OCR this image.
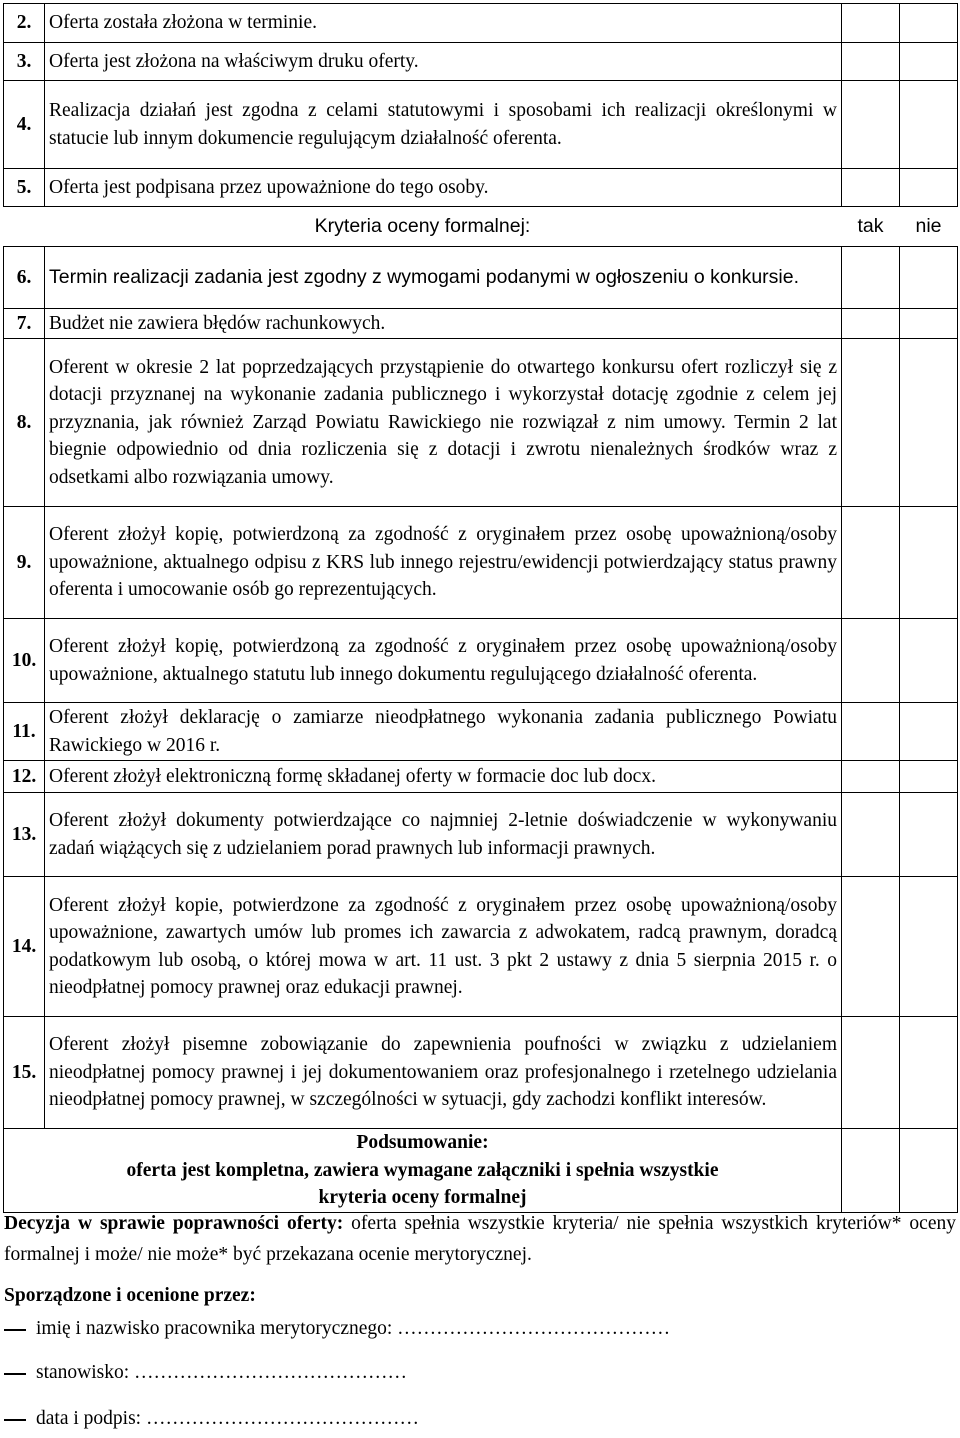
2.	Oferta została złożona w terminie.		
3.	Oferta jest złożona na właściwym druku oferty.		
4.	Realizacja działań jest zgodna z celami statutowymi i sposobami ich realizacji określonymi w statucie lub innym dokumencie regulującym działalność oferenta.		
5.	Oferta jest podpisana przez upoważnione do tego osoby.		

Kryteria oceny formalnej:		tak	nie
6.	Termin realizacji zadania jest zgodny z wymogami podanymi w ogłoszeniu o konkursie.		
7.	Budżet nie zawiera błędów rachunkowych.		
8.	Oferent w okresie 2 lat poprzedzających przystąpienie do otwartego konkursu ofert rozliczył się z dotacji przyznanej na wykonanie zadania publicznego i wykorzystał dotację zgodnie z celem jej przyznania, jak również Zarząd Powiatu Rawickiego nie rozwiązał z nim umowy. Termin 2 lat biegnie odpowiednio od dnia rozliczenia się z dotacji i zwrotu nienależnych środków wraz z odsetkami albo rozwiązania umowy.		
9.	Oferent złożył kopię, potwierdzoną za zgodność z oryginałem przez osobę upoważnioną/osoby upoważnione, aktualnego odpisu z KRS lub innego rejestru/ewidencji potwierdzający status prawny oferenta i umocowanie osób go reprezentujących.		
10.	Oferent złożył kopię, potwierdzoną za zgodność z oryginałem przez osobę upoważnioną/osoby upoważnione, aktualnego statutu lub innego dokumentu regulującego działalność oferenta.		
11.	Oferent złożył deklarację o zamiarze nieodpłatnego wykonania zadania publicznego Powiatu Rawickiego w 2016 r.		
12.	Oferent złożył elektroniczną formę składanej oferty w formacie doc lub docx.		
13.	Oferent złożył dokumenty potwierdzające co najmniej 2-letnie doświadczenie w wykonywaniu zadań wiążących się z udzielaniem porad prawnych lub informacji prawnych.		
14.	Oferent złożył kopie, potwierdzone za zgodność z oryginałem przez osobę upoważnioną/osoby upoważnione, zawartych umów lub promes ich zawarcia z adwokatem, radcą prawnym, doradcą podatkowym lub osobą, o której mowa w art. 11 ust. 3 pkt 2 ustawy z dnia 5 sierpnia 2015 r. o nieodpłatnej pomocy prawnej oraz edukacji prawnej.		
15.	Oferent złożył pisemne zobowiązanie do zapewnienia poufności w związku z udzielaniem nieodpłatnej pomocy prawnej i jej dokumentowaniem oraz profesjonalnego i rzetelnego udzielania nieodpłatnej pomocy prawnej, w szczególności w sytuacji, gdy zachodzi konflikt interesów.		

Podsumowanie:
oferta jest kompletna, zawiera wymagane załączniki i spełnia wszystkie
kryteria oceny formalnej			

Decyzja w sprawie poprawności oferty: oferta spełnia wszystkie kryteria/ nie spełnia wszystkich kryteriów* oceny formalnej i może/ nie może* być przekazana ocenie merytorycznej.
Sporządzone i ocenione przez:
imię i nazwisko pracownika merytorycznego: ……………………………………
stanowisko: ……………………………………
data i podpis: ……………………………………
